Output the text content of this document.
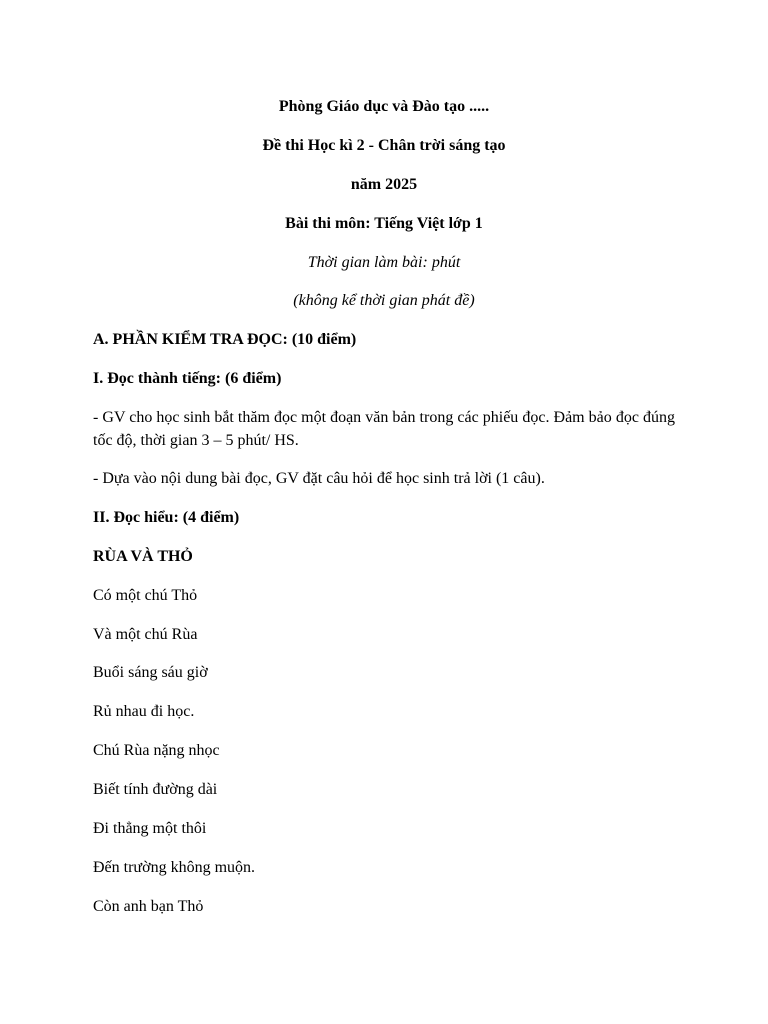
Phòng Giáo dục và Đào tạo .....
Đề thi Học kì 2 - Chân trời sáng tạo
năm 2025
Bài thi môn: Tiếng Việt lớp 1
Thời gian làm bài: phút
(không kể thời gian phát đề)
A. PHẦN KIỂM TRA ĐỌC: (10 điểm)
I. Đọc thành tiếng: (6 điểm)
- GV cho học sinh bắt thăm đọc một đoạn văn bản trong các phiếu đọc. Đảm bảo đọc đúng tốc độ, thời gian 3 – 5 phút/ HS.
- Dựa vào nội dung bài đọc, GV đặt câu hỏi để học sinh trả lời (1 câu).
II. Đọc hiểu: (4 điểm)
RÙA VÀ THỎ
Có một chú Thỏ
Và một chú Rùa
Buổi sáng sáu giờ
Rủ nhau đi học.
Chú Rùa nặng nhọc
Biết tính đường dài
Đi thẳng một thôi
Đến trường không muộn.
Còn anh bạn Thỏ
